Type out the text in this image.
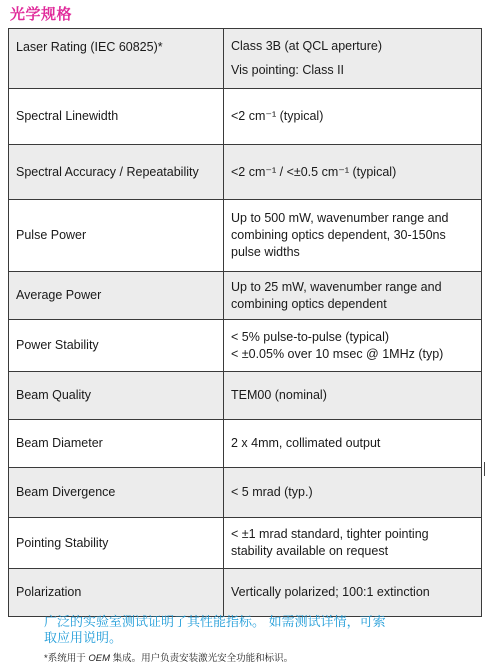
光学规格
Laser Rating (IEC 60825)*	Class 3B (at QCL aperture)
Vis pointing: Class II

Spectral Linewidth	<2 cm⁻¹ (typical)
Spectral Accuracy / Repeatability	<2 cm⁻¹ / <±0.5 cm⁻¹ (typical)
Pulse Power	Up to 500 mW, wavenumber range and
combining optics dependent, 30-150ns
pulse widths

Average Power	Up to 25 mW, wavenumber range and
combining optics dependent

Power Stability	< 5% pulse-to-pulse (typical)
< ±0.05% over 10 msec @ 1MHz (typ)

Beam Quality	TEM00 (nominal)
Beam Diameter	2 x 4mm, collimated output
Beam Divergence	< 5 mrad (typ.)
Pointing Stability	< ±1 mrad standard, tighter pointing
stability available on request

Polarization	Vertically polarized; 100:1 extinction
广泛的实验室测试证明了其性能指标。 如需测试详情，可索
取应用说明。
*系统用于 OEM 集成。用户负责安装激光安全功能和标识。
